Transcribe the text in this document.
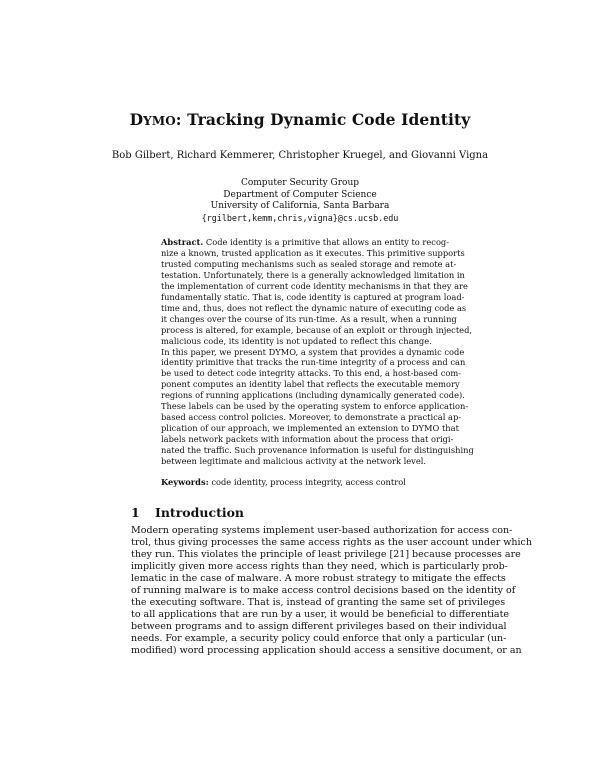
DYMO: Tracking Dynamic Code Identity
Bob Gilbert, Richard Kemmerer, Christopher Kruegel, and Giovanni Vigna
Computer Security Group
Department of Computer Science
University of California, Santa Barbara
{rgilbert,kemm,chris,vigna}@cs.ucsb.edu
Abstract. Code identity is a primitive that allows an entity to recog-
nize a known, trusted application as it executes. This primitive supports
trusted computing mechanisms such as sealed storage and remote at-
testation. Unfortunately, there is a generally acknowledged limitation in
the implementation of current code identity mechanisms in that they are
fundamentally static. That is, code identity is captured at program load-
time and, thus, does not reflect the dynamic nature of executing code as
it changes over the course of its run-time. As a result, when a running
process is altered, for example, because of an exploit or through injected,
malicious code, its identity is not updated to reflect this change.
In this paper, we present DYMO, a system that provides a dynamic code
identity primitive that tracks the run-time integrity of a process and can
be used to detect code integrity attacks. To this end, a host-based com-
ponent computes an identity label that reflects the executable memory
regions of running applications (including dynamically generated code).
These labels can be used by the operating system to enforce application-
based access control policies. Moreover, to demonstrate a practical ap-
plication of our approach, we implemented an extension to DYMO that
labels network packets with information about the process that origi-
nated the traffic. Such provenance information is useful for distinguishing
between legitimate and malicious activity at the network level.
Keywords: code identity, process integrity, access control
1 Introduction
Modern operating systems implement user-based authorization for access con-
trol, thus giving processes the same access rights as the user account under which
they run. This violates the principle of least privilege [21] because processes are
implicitly given more access rights than they need, which is particularly prob-
lematic in the case of malware. A more robust strategy to mitigate the effects
of running malware is to make access control decisions based on the identity of
the executing software. That is, instead of granting the same set of privileges
to all applications that are run by a user, it would be beneficial to differentiate
between programs and to assign different privileges based on their individual
needs. For example, a security policy could enforce that only a particular (un-
modified) word processing application should access a sensitive document, or an
